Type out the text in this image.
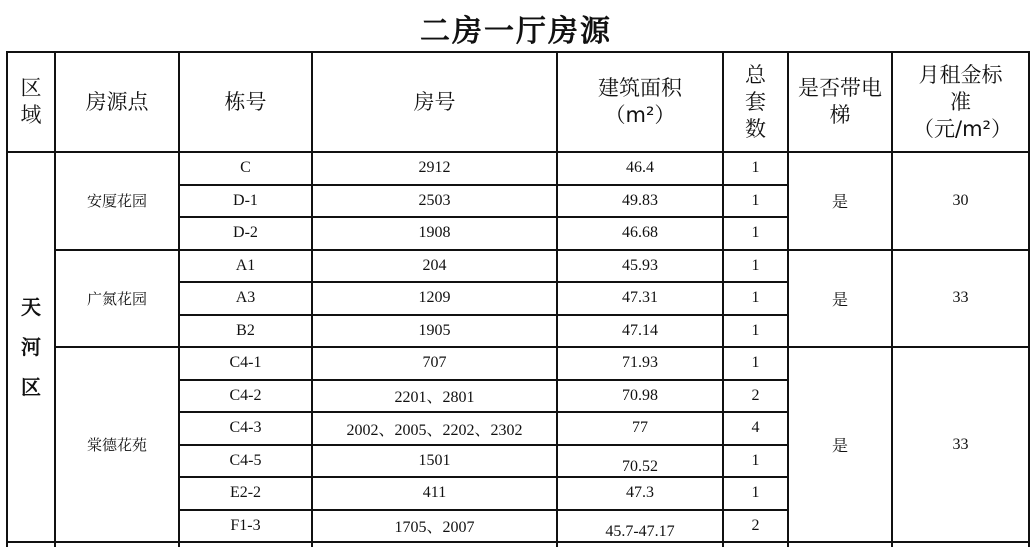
二房一厅房源
区域	房源点	栋号	房号	建筑面积（m²）	总套数	是否带电梯	月租金标准（元/m²）
天河区	安厦花园	C	2912	46.4	1	是	30
		D-1	2503	49.83	1		
		D-2	1908	46.68	1		
	广氮花园	A1	204	45.93	1	是	33
		A3	1209	47.31	1		
		B2	1905	47.14	1		
	棠德花苑	C4-1	707	71.93	1	是	33
		C4-2	2201、2801	70.98	2		
		C4-3	2002、2005、2202、2302	77	4		
		C4-5	1501	70.52	1		
		E2-2	411	47.3	1		
		F1-3	1705、2007	45.7-47.17	2		
